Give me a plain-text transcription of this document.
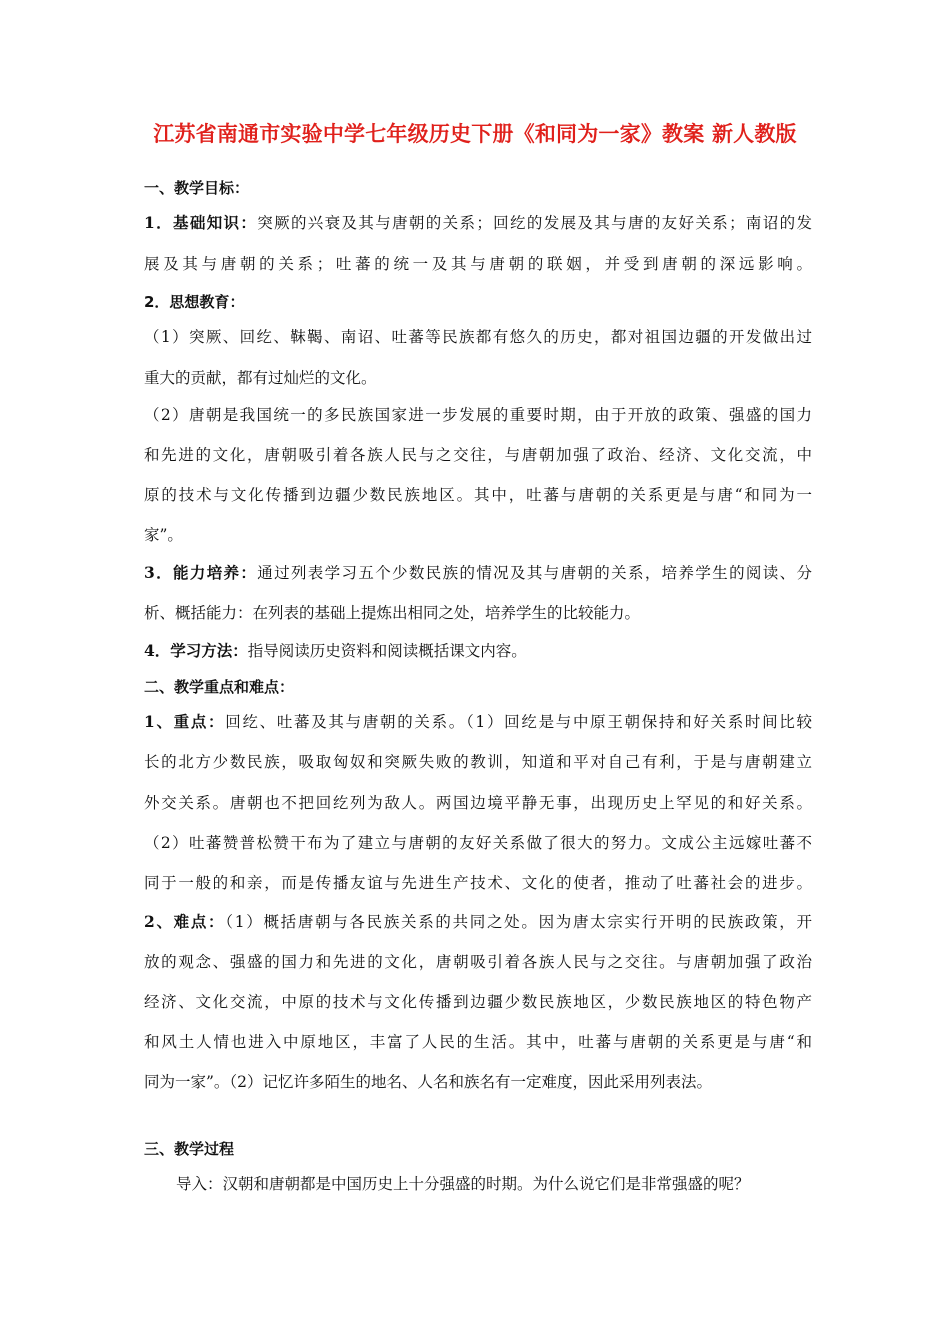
江苏省南通市实验中学七年级历史下册《和同为一家》教案 新人教版
一、教学目标：
1．基础知识：突厥的兴衰及其与唐朝的关系；回纥的发展及其与唐的友好关系；南诏的发
展及其与唐朝的关系；吐蕃的统一及其与唐朝的联姻，并受到唐朝的深远影响。
2．思想教育：
（1）突厥、回纥、靺鞨、南诏、吐蕃等民族都有悠久的历史，都对祖国边疆的开发做出过
重大的贡献，都有过灿烂的文化。
（2）唐朝是我国统一的多民族国家进一步发展的重要时期，由于开放的政策、强盛的国力
和先进的文化，唐朝吸引着各族人民与之交往，与唐朝加强了政治、经济、文化交流，中
原的技术与文化传播到边疆少数民族地区。其中，吐蕃与唐朝的关系更是与唐“和同为一
家”。
3．能力培养：通过列表学习五个少数民族的情况及其与唐朝的关系，培养学生的阅读、分
析、概括能力：在列表的基础上提炼出相同之处，培养学生的比较能力。
4．学习方法：指导阅读历史资料和阅读概括课文内容。
二、教学重点和难点：
1、重点：回纥、吐蕃及其与唐朝的关系。（1）回纥是与中原王朝保持和好关系时间比较
长的北方少数民族，吸取匈奴和突厥失败的教训，知道和平对自己有利，于是与唐朝建立
外交关系。唐朝也不把回纥列为敌人。两国边境平静无事，出现历史上罕见的和好关系。
（2）吐蕃赞普松赞干布为了建立与唐朝的友好关系做了很大的努力。文成公主远嫁吐蕃不
同于一般的和亲，而是传播友谊与先进生产技术、文化的使者，推动了吐蕃社会的进步。
2、难点：（1）概括唐朝与各民族关系的共同之处。因为唐太宗实行开明的民族政策，开
放的观念、强盛的国力和先进的文化，唐朝吸引着各族人民与之交往。与唐朝加强了政治
经济、文化交流，中原的技术与文化传播到边疆少数民族地区，少数民族地区的特色物产
和风土人情也进入中原地区，丰富了人民的生活。其中，吐蕃与唐朝的关系更是与唐“和
同为一家”。（2）记忆许多陌生的地名、人名和族名有一定难度，因此采用列表法。
三、教学过程
导入：汉朝和唐朝都是中国历史上十分强盛的时期。为什么说它们是非常强盛的呢？
